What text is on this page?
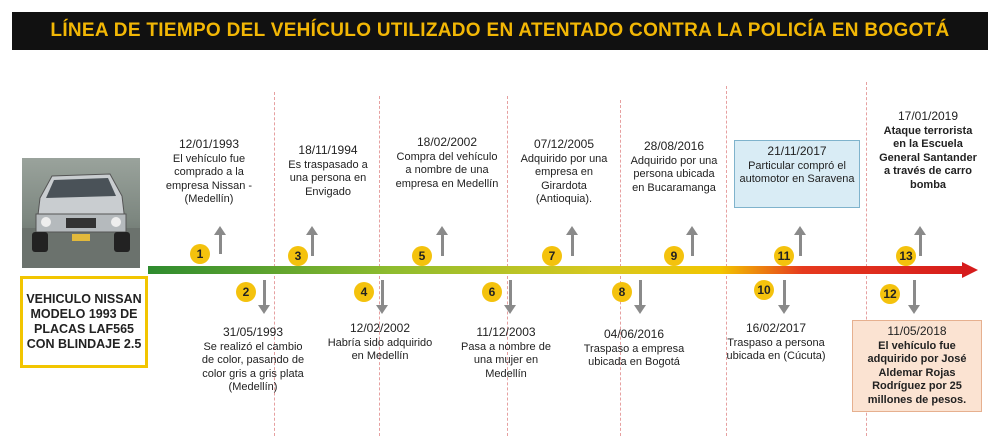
LÍNEA DE TIEMPO DEL VEHÍCULO UTILIZADO EN ATENTADO CONTRA LA POLICÍA EN BOGOTÁ
VEHICULO NISSAN MODELO 1993 DE PLACAS LAF565 CON BLINDAJE 2.5
12/01/1993
El vehículo fue comprado a la empresa Nissan - (Medellín)
1
18/11/1994
Es traspasado a una persona en Envigado
3
18/02/2002
Compra del vehículo a nombre de una empresa en Medellín
5
07/12/2005
Adquirido por una empresa en Girardota (Antioquia).
7
28/08/2016
Adquirido por una persona ubicada en Bucaramanga
9
21/11/2017
Particular compró el automotor en Saravena
11
17/01/2019
Ataque terrorista en la Escuela General Santander a través de carro bomba
13
2
31/05/1993
Se realizó el cambio de color, pasando de color gris a gris plata (Medellín)
4
12/02/2002
Habría sido adquirido en Medellín
6
11/12/2003
Pasa a nombre de una mujer en Medellín
8
04/06/2016
Traspaso a empresa ubicada en Bogotá
10
16/02/2017
Traspaso a persona ubicada en (Cúcuta)
12
11/05/2018
El vehículo fue adquirido por José Aldemar Rojas Rodríguez por 25 millones de pesos.
